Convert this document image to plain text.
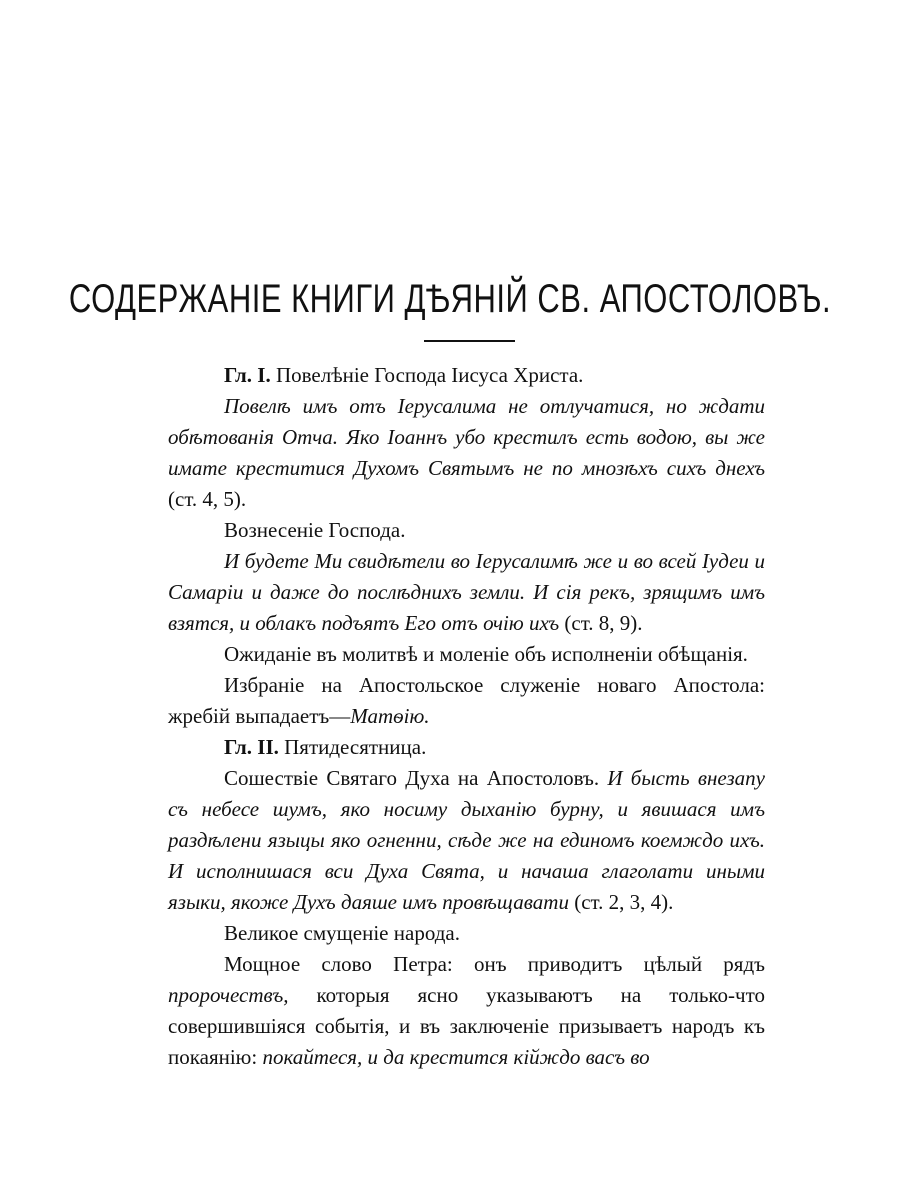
СОДЕРЖАНІЕ КНИГИ ДѢЯНІЙ СВ. АПОСТОЛОВЪ.

Гл. I. Повелѣніе Господа Іисуса Христа.

Повелѣ имъ отъ Іерусалима не отлучатися, но ждати обѣтованія Отча. Яко Іоаннъ убо крестилъ есть водою, вы же имате креститися Духомъ Святымъ не по мнозѣхъ сихъ днехъ (ст. 4, 5).

Вознесеніе Господа.

И будете Ми свидѣтели во Іерусалимѣ же и во всей Іудеи и Самаріи и даже до послѣднихъ земли. И сія рекъ, зрящимъ имъ взятся, и облакъ подъятъ Его отъ очію ихъ (ст. 8, 9).

Ожиданіе въ молитвѣ и моленіе объ исполненіи обѣщанія.

Избраніе на Апостольское служеніе новаго Апостола: жребій выпадаетъ—Матѳію.

Гл. II. Пятидесятница.

Сошествіе Святаго Духа на Апостоловъ. И бысть внезапу съ небесе шумъ, яко носиму дыханію бурну, и явишася имъ раздѣлени языцы яко огненни, сѣде же на единомъ коемждо ихъ. И исполнишася вси Духа Свята, и начаша глаголати иными языки, якоже Духъ даяше имъ провѣщавати (ст. 2, 3, 4).

Великое смущеніе народа.

Мощное слово Петра: онъ приводитъ цѣлый рядъ пророчествъ, которыя ясно указываютъ на только-что совершившіяся событія, и въ заключеніе призываетъ народъ къ покаянію: покайтеся, и да крестится кійждо васъ во
